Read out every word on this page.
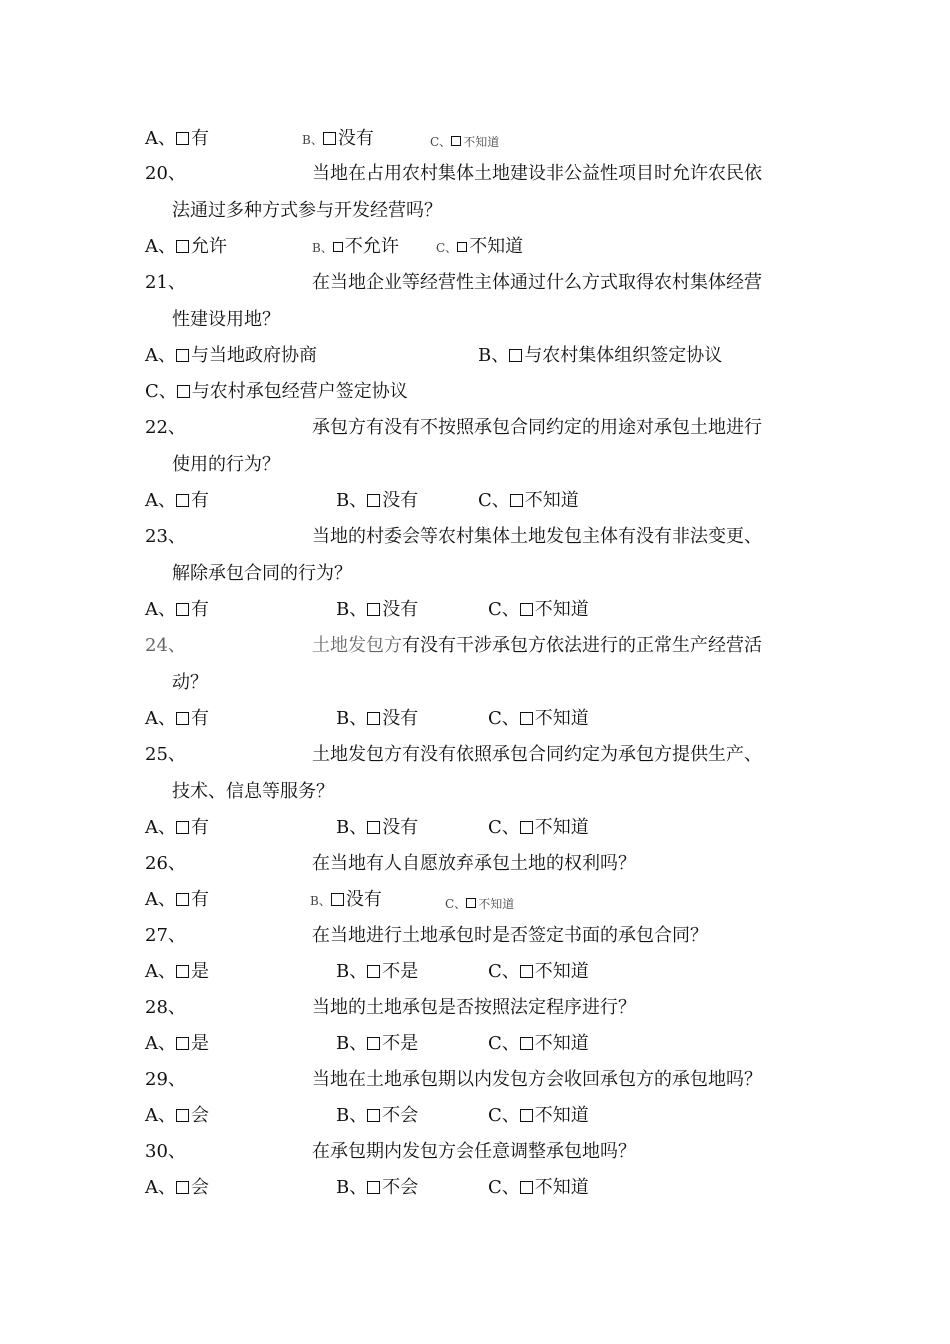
A、 有	B、 没有	C、 不知道
20、	当地在占用农村集体土地建设非公益性项目时允许农民依
法通过多种方式参与开发经营吗？
A、 允许	B、 不允许	C、 不知道
21、	在当地企业等经营性主体通过什么方式取得农村集体经营
性建设用地？
A、 与当地政府协商	B、 与农村集体组织签定协议
C、 与农村承包经营户签定协议
22、	承包方有没有不按照承包合同约定的用途对承包土地进行
使用的行为？
A、 有	B、 没有	C、 不知道
23、	当地的村委会等农村集体土地发包主体有没有非法变更、
解除承包合同的行为？
A、 有	B、 没有	C、 不知道
24、	土地发包方有没有干涉承包方依法进行的正常生产经营活
动？
A、 有	B、 没有	C、 不知道
25、	土地发包方有没有依照承包合同约定为承包方提供生产、
技术、信息等服务？
A、 有	B、 没有	C、 不知道
26、	在当地有人自愿放弃承包土地的权利吗？
A、 有	B、 没有	C、 不知道
27、	在当地进行土地承包时是否签定书面的承包合同？
A、 是	B、 不是	C、 不知道
28、	当地的土地承包是否按照法定程序进行？
A、 是	B、 不是	C、 不知道
29、	当地在土地承包期以内发包方会收回承包方的承包地吗？
A、 会	B、 不会	C、 不知道
30、	在承包期内发包方会任意调整承包地吗？
A、 会	B、 不会	C、 不知道
